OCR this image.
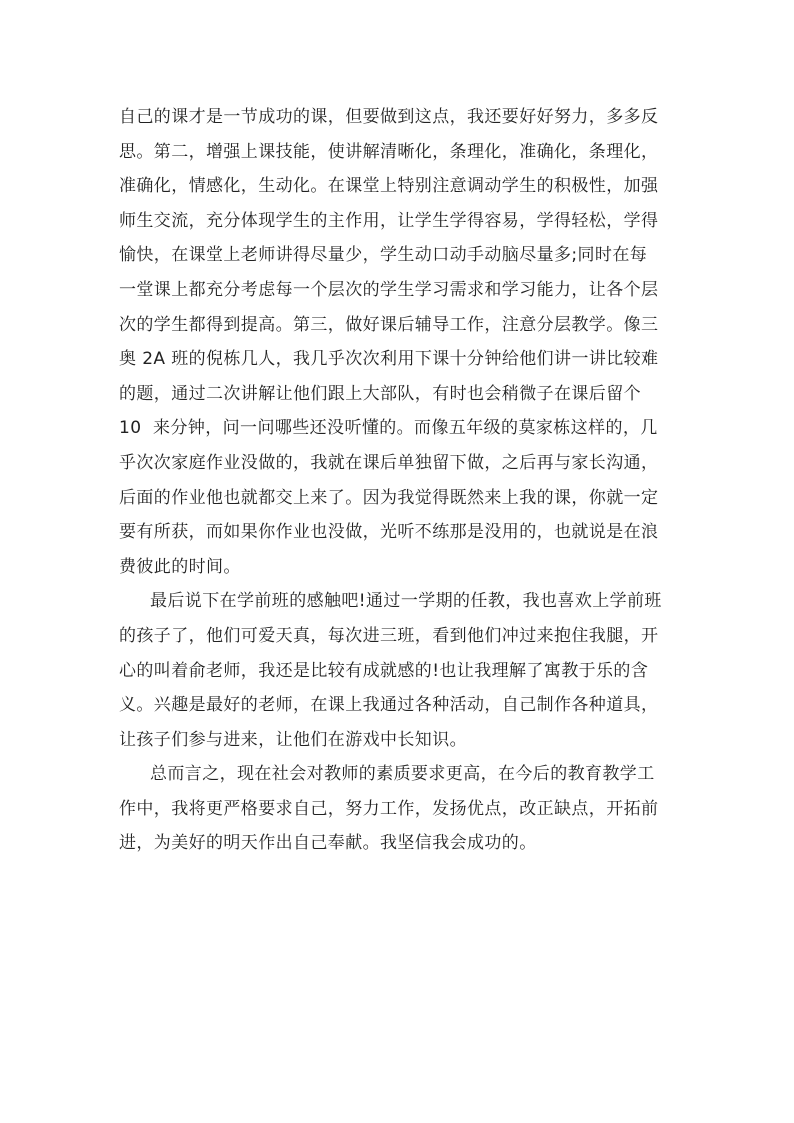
自己的课才是一节成功的课，但要做到这点，我还要好好努力，多多反
思。第二，增强上课技能，使讲解清晰化，条理化，准确化，条理化，
准确化，情感化，生动化。在课堂上特别注意调动学生的积极性，加强
师生交流，充分体现学生的主作用，让学生学得容易，学得轻松，学得
愉快，在课堂上老师讲得尽量少，学生动口动手动脑尽量多;同时在每
一堂课上都充分考虑每一个层次的学生学习需求和学习能力，让各个层
次的学生都得到提高。第三，做好课后辅导工作，注意分层教学。像三
奥 2A 班的倪栋几人，我几乎次次利用下课十分钟给他们讲一讲比较难
的题，通过二次讲解让他们跟上大部队，有时也会稍微子在课后留个
10  来分钟，问一问哪些还没听懂的。而像五年级的莫家栋这样的，几
乎次次家庭作业没做的，我就在课后单独留下做，之后再与家长沟通，
后面的作业他也就都交上来了。因为我觉得既然来上我的课，你就一定
要有所获，而如果你作业也没做，光听不练那是没用的，也就说是在浪
费彼此的时间。
最后说下在学前班的感触吧!通过一学期的任教，我也喜欢上学前班
的孩子了，他们可爱天真，每次进三班，看到他们冲过来抱住我腿，开
心的叫着俞老师，我还是比较有成就感的!也让我理解了寓教于乐的含
义。兴趣是最好的老师，在课上我通过各种活动，自己制作各种道具，
让孩子们参与进来，让他们在游戏中长知识。
总而言之，现在社会对教师的素质要求更高，在今后的教育教学工
作中，我将更严格要求自己，努力工作，发扬优点，改正缺点，开拓前
进，为美好的明天作出自己奉献。我坚信我会成功的。
